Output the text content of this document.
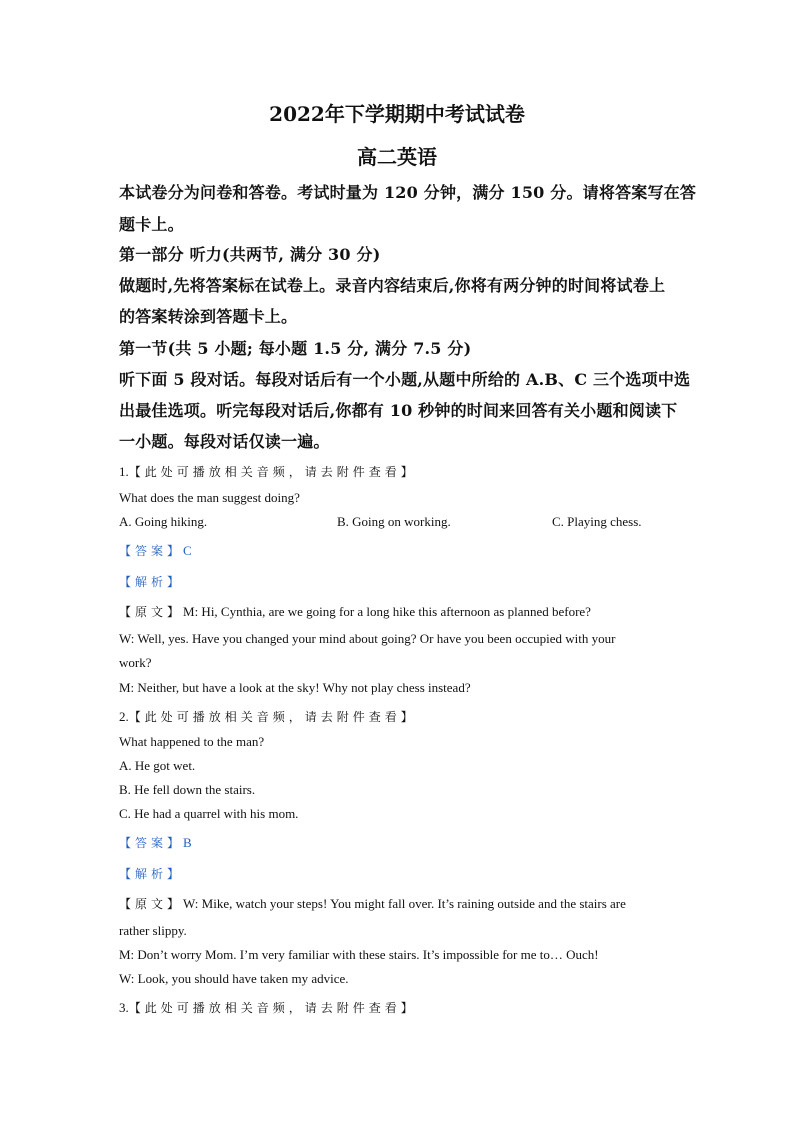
2022年下学期期中考试试卷
高二英语
本试卷分为问卷和答卷。考试时量为 120 分钟，满分 150 分。请将答案写在答
题卡上。
第一部分 听力(共两节, 满分 30 分)
做题时,先将答案标在试卷上。录音内容结束后,你将有两分钟的时间将试卷上
的答案转涂到答题卡上。
第一节(共 5 小题; 每小题 1.5 分, 满分 7.5 分)
听下面 5 段对话。每段对话后有一个小题,从题中所给的 A.B、C 三个选项中选
出最佳选项。听完每段对话后,你都有 10 秒钟的时间来回答有关小题和阅读下
一小题。每段对话仅读一遍。
1.【此处可播放相关音频，请去附件查看】
What does the man suggest doing?
A. Going hiking.	B. Going on working.	C. Playing chess.
【答案】C
【解析】
【原文】M: Hi, Cynthia, are we going for a long hike this afternoon as planned before?
W: Well, yes. Have you changed your mind about going? Or have you been occupied with your
work?
M: Neither, but have a look at the sky! Why not play chess instead?
2.【此处可播放相关音频，请去附件查看】
What happened to the man?
A. He got wet.
B. He fell down the stairs.
C. He had a quarrel with his mom.
【答案】B
【解析】
【原文】W: Mike, watch your steps! You might fall over. It’s raining outside and the stairs are
rather slippy.
M: Don’t worry Mom. I’m very familiar with these stairs. It’s impossible for me to… Ouch!
W: Look, you should have taken my advice.
3.【此处可播放相关音频，请去附件查看】
